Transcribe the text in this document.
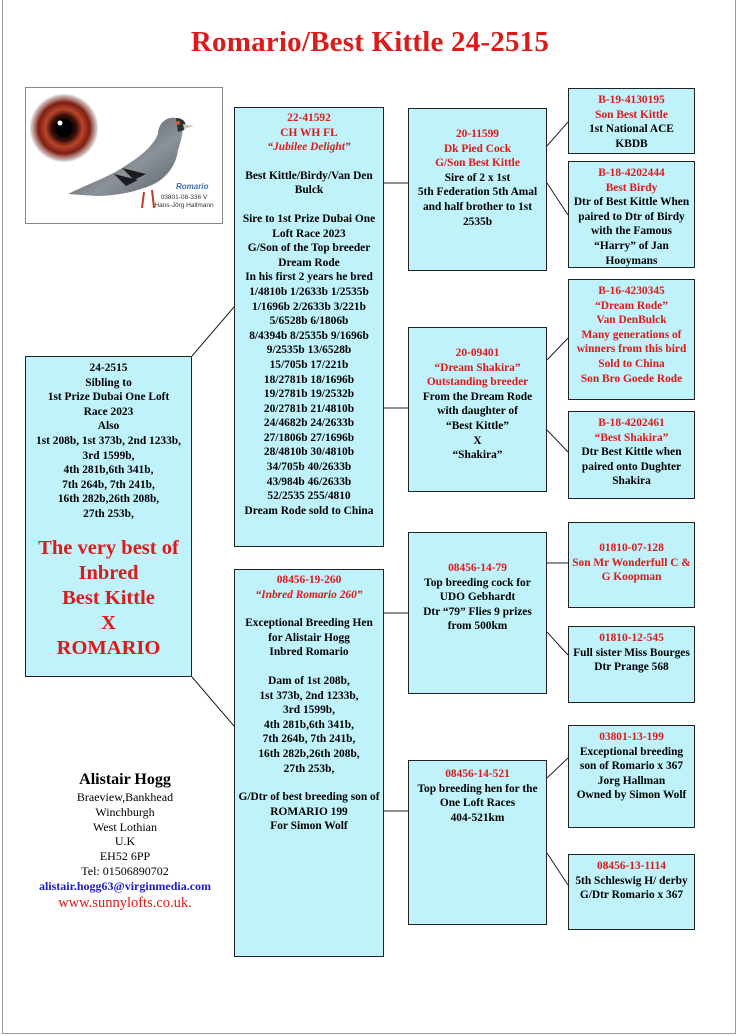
Romario/Best Kittle 24-2515
Romario
03801-08-336 V
Hans-Jörg Hallmann
24-2515
Sibling to
1st Prize Dubai One Loft
Race 2023
Also
1st 208b, 1st 373b, 2nd 1233b,
3rd 1599b,
4th 281b,6th 341b,
7th 264b, 7th 241b,
16th 282b,26th 208b,
27th 253b,
The very best of
Inbred
Best Kittle
X
ROMARIO
22-41592
CH WH FL
“Jubilee Delight”
Best Kittle/Birdy/Van Den Bulck
Sire to 1st Prize Dubai One Loft Race 2023
G/Son of the Top breeder Dream Rode
In his first 2 years he bred
1/4810b 1/2633b 1/2535b
1/1696b 2/2633b 3/221b
5/6528b 6/1806b
8/4394b 8/2535b 9/1696b
9/2535b 13/6528b
15/705b 17/221b
18/2781b 18/1696b
19/2781b 19/2532b
20/2781b 21/4810b
24/4682b 24/2633b
27/1806b 27/1696b
28/4810b 30/4810b
34/705b 40/2633b
43/984b 46/2633b
52/2535 255/4810
Dream Rode sold to China
08456-19-260
“Inbred Romario 260”
Exceptional Breeding Hen for Alistair Hogg
Inbred Romario
Dam of 1st 208b,
1st 373b, 2nd 1233b,
3rd 1599b,
4th 281b,6th 341b,
7th 264b, 7th 241b,
16th 282b,26th 208b,
27th 253b,
G/Dtr of best breeding son of ROMARIO 199
For Simon Wolf
20-11599
Dk Pied Cock
G/Son Best Kittle
Sire of 2 x 1st
5th Federation 5th Amal and half brother to 1st 2535b
20-09401
“Dream Shakira”
Outstanding breeder
From the Dream Rode with daughter of
“Best Kittle”
X
“Shakira”
08456-14-79
Top breeding cock for UDO Gebhardt
Dtr “79” Flies 9 prizes from 500km
08456-14-521
Top breeding hen for the One Loft Races
404-521km
B-19-4130195
Son Best Kittle
1st National ACE KBDB
B-18-4202444
Best Birdy
Dtr of Best Kittle When paired to Dtr of Birdy with the Famous “Harry” of Jan Hooymans
B-16-4230345
“Dream Rode”
Van DenBulck
Many generations of winners from this bird
Sold to China
Son Bro Goede Rode
B-18-4202461
“Best Shakira”
Dtr Best Kittle when paired onto Dughter Shakira
01810-07-128
Son Mr Wonderfull C & G Koopman
01810-12-545
Full sister Miss Bourges
Dtr Prange 568
03801-13-199
Exceptional breeding son of Romario x 367
Jorg Hallman
Owned by Simon Wolf
08456-13-1114
5th Schleswig H/ derby
G/Dtr Romario x 367
Alistair Hogg
Braeview,Bankhead
Winchburgh
West Lothian
U.K
EH52 6PP
Tel: 01506890702
alistair.hogg63@virginmedia.com
www.sunnylofts.co.uk.
